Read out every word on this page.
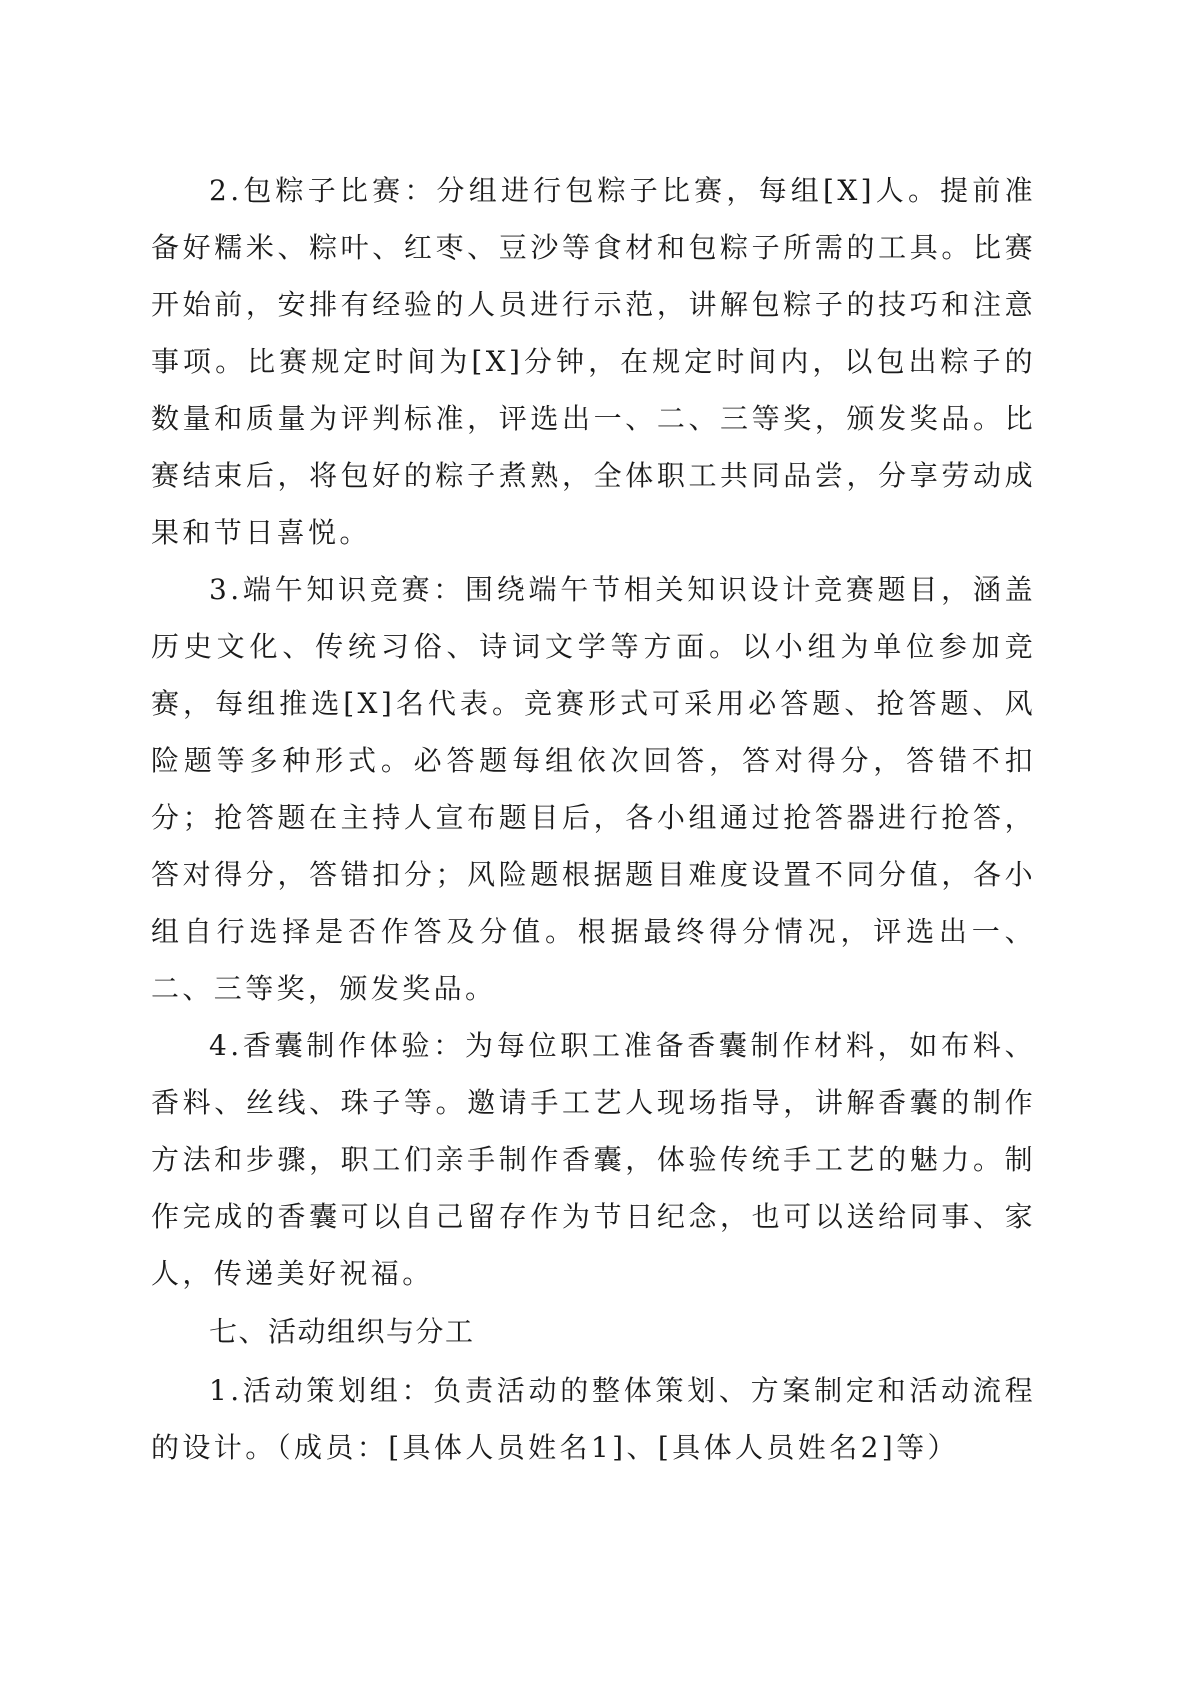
2.包粽子比赛：分组进行包粽子比赛，每组[X]人。提前准备好糯米、粽叶、红枣、豆沙等食材和包粽子所需的工具。比赛开始前，安排有经验的人员进行示范，讲解包粽子的技巧和注意事项。比赛规定时间为[X]分钟，在规定时间内，以包出粽子的数量和质量为评判标准，评选出一、二、三等奖，颁发奖品。比赛结束后，将包好的粽子煮熟，全体职工共同品尝，分享劳动成果和节日喜悦。

3.端午知识竞赛：围绕端午节相关知识设计竞赛题目，涵盖历史文化、传统习俗、诗词文学等方面。以小组为单位参加竞赛，每组推选[X]名代表。竞赛形式可采用必答题、抢答题、风险题等多种形式。必答题每组依次回答，答对得分，答错不扣分；抢答题在主持人宣布题目后，各小组通过抢答器进行抢答，答对得分，答错扣分；风险题根据题目难度设置不同分值，各小组自行选择是否作答及分值。根据最终得分情况，评选出一、二、三等奖，颁发奖品。

4.香囊制作体验：为每位职工准备香囊制作材料，如布料、香料、丝线、珠子等。邀请手工艺人现场指导，讲解香囊的制作方法和步骤，职工们亲手制作香囊，体验传统手工艺的魅力。制作完成的香囊可以自己留存作为节日纪念，也可以送给同事、家人，传递美好祝福。

七、活动组织与分工

1.活动策划组：负责活动的整体策划、方案制定和活动流程的设计。（成员：[具体人员姓名1]、[具体人员姓名2]等）
